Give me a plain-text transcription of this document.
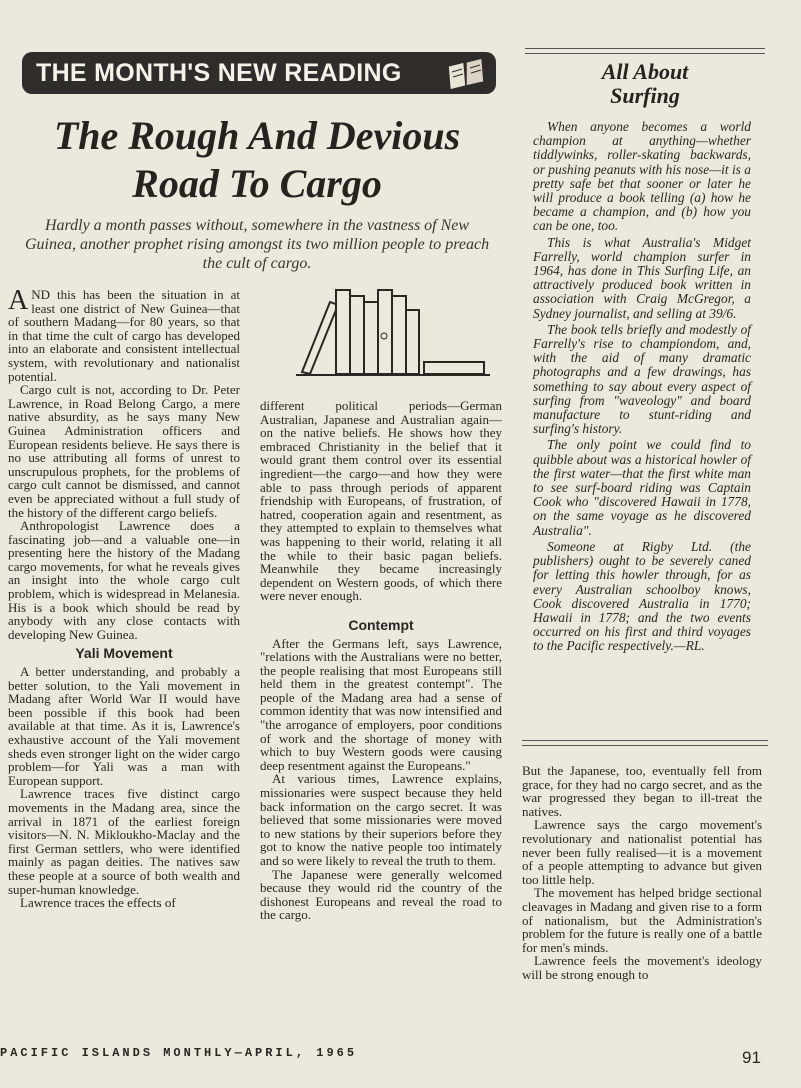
THE MONTH'S NEW READING
The Rough And Devious
Road To Cargo
Hardly a month passes without, somewhere in the vastness of New Guinea, another prophet rising amongst its two million people to preach the cult of cargo.

AND this has been the situation in at least one district of New Guinea—that of southern Madang—for 80 years, so that in that time the cult of cargo has developed into an elaborate and consistent intellectual system, with revolutionary and nationalist potential.

Cargo cult is not, according to Dr. Peter Lawrence, in Road Belong Cargo, a mere native absurdity, as he says many New Guinea Administration officers and European residents believe. He says there is no use attributing all forms of unrest to unscrupulous prophets, for the problems of cargo cult cannot be dismissed, and cannot even be appreciated without a full study of the history of the different cargo beliefs.

Anthropologist Lawrence does a fascinating job—and a valuable one—in presenting here the history of the Madang cargo movements, for what he reveals gives an insight into the whole cargo cult problem, which is widespread in Melanesia. His is a book which should be read by anybody with any close contacts with developing New Guinea.

Yali Movement

A better understanding, and probably a better solution, to the Yali movement in Madang after World War II would have been possible if this book had been available at that time. As it is, Lawrence's exhaustive account of the Yali movement sheds even stronger light on the wider cargo problem—for Yali was a man with European support.

Lawrence traces five distinct cargo movements in the Madang area, since the arrival in 1871 of the earliest foreign visitors—N. N. Mikloukho-Maclay and the first German settlers, who were identified mainly as pagan deities. The natives saw these people at a source of both wealth and super-human knowledge.

Lawrence traces the effects of

different political periods—German Australian, Japanese and Australian again—on the native beliefs. He shows how they embraced Christianity in the belief that it would grant them control over its essential ingredient—the cargo—and how they were able to pass through periods of apparent friendship with Europeans, of frustration, of hatred, cooperation again and resentment, as they attempted to explain to themselves what was happening to their world, relating it all the while to their basic pagan beliefs. Meanwhile they became increasingly dependent on Western goods, of which there were never enough.

Contempt

After the Germans left, says Lawrence, "relations with the Australians were no better, the people realising that most Europeans still held them in the greatest contempt". The people of the Madang area had a sense of common identity that was now intensified and "the arrogance of employers, poor conditions of work and the shortage of money with which to buy Western goods were causing deep resentment against the Europeans."

At various times, Lawrence explains, missionaries were suspect because they held back information on the cargo secret. It was believed that some missionaries were moved to new stations by their superiors before they got to know the native people too intimately and so were likely to reveal the truth to them.

The Japanese were generally welcomed because they would rid the country of the dishonest Europeans and reveal the road to the cargo.

All About
Surfing

When anyone becomes a world champion at anything—whether tiddlywinks, roller-skating backwards, or pushing peanuts with his nose—it is a pretty safe bet that sooner or later he will produce a book telling (a) how he became a champion, and (b) how you can be one, too.

This is what Australia's Midget Farrelly, world champion surfer in 1964, has done in This Surfing Life, an attractively produced book written in association with Craig McGregor, a Sydney journalist, and selling at 39/6.

The book tells briefly and modestly of Farrelly's rise to championdom, and, with the aid of many dramatic photographs and a few drawings, has something to say about every aspect of surfing from "waveology" and board manufacture to stunt-riding and surfing's history.

The only point we could find to quibble about was a historical howler of the first water—that the first white man to see surf-board riding was Captain Cook who "discovered Hawaii in 1778, on the same voyage as he discovered Australia".

Someone at Rigby Ltd. (the publishers) ought to be severely caned for letting this howler through, for as every Australian schoolboy knows, Cook discovered Australia in 1770; Hawaii in 1778; and the two events occurred on his first and third voyages to the Pacific respectively.—RL.

But the Japanese, too, eventually fell from grace, for they had no cargo secret, and as the war progressed they began to ill-treat the natives.

Lawrence says the cargo movement's revolutionary and nationalist potential has never been fully realised—it is a movement of a people attempting to advance but given too little help.

The movement has helped bridge sectional cleavages in Madang and given rise to a form of nationalism, but the Administration's problem for the future is really one of a battle for men's minds.

Lawrence feels the movement's ideology will be strong enough to

PACIFIC ISLANDS MONTHLY—APRIL, 1965	91
